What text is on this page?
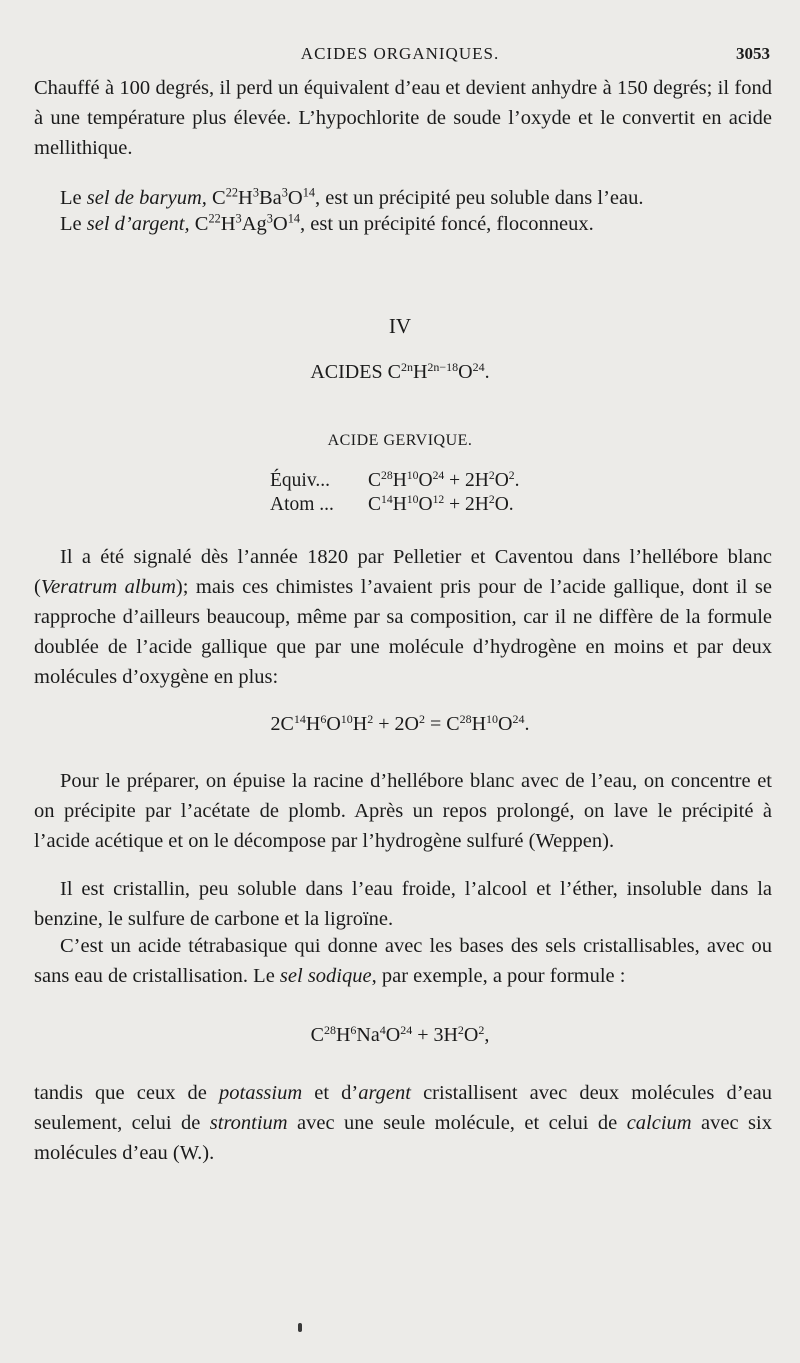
ACIDES ORGANIQUES.	3053
Chauffé à 100 degrés, il perd un équivalent d’eau et devient anhydre à 150 degrés; il fond à une température plus élevée. L’hypochlorite de soude l’oxyde et le convertit en acide mellithique.
Le sel de baryum, $C^{22}H^3Ba^3O^{14}$, est un précipité peu soluble dans l’eau.
Le sel d’argent, $C^{22}H^3Ag^3O^{14}$, est un précipité foncé, floconneux.
IV
ACIDES $C^{2n}H^{2n-18}O^{24}$.
ACIDE GERVIQUE.
Équiv... $C^{28}H^{10}O^{24} + 2H^2O^2$.
Atom ... $C^{14}H^{10}O^{12} + 2H^2O$.
Il a été signalé dès l’année 1820 par Pelletier et Caventou dans l’hellébore blanc (Veratrum album); mais ces chimistes l’avaient pris pour de l’acide gallique, dont il se rapproche d’ailleurs beaucoup, même par sa composition, car il ne diffère de la formule doublée de l’acide gallique que par une molécule d’hydrogène en moins et par deux molécules d’oxygène en plus:
$2C^{14}H^6O^{10}H^2 + 2O^2 = C^{28}H^{10}O^{24}$.
Pour le préparer, on épuise la racine d’hellébore blanc avec de l’eau, on concentre et on précipite par l’acétate de plomb. Après un repos prolongé, on lave le précipité à l’acide acétique et on le décompose par l’hydrogène sulfuré (Weppen).
Il est cristallin, peu soluble dans l’eau froide, l’alcool et l’éther, insoluble dans la benzine, le sulfure de carbone et la ligroïne.
C’est un acide tétrabasique qui donne avec les bases des sels cristallisables, avec ou sans eau de cristallisation. Le sel sodique, par exemple, a pour formule :
$C^{28}H^6Na^4O^{24} + 3H^2O^2$,
tandis que ceux de potassium et d’argent cristallisent avec deux molécules d’eau seulement, celui de strontium avec une seule molécule, et celui de calcium avec six molécules d’eau (W.).
